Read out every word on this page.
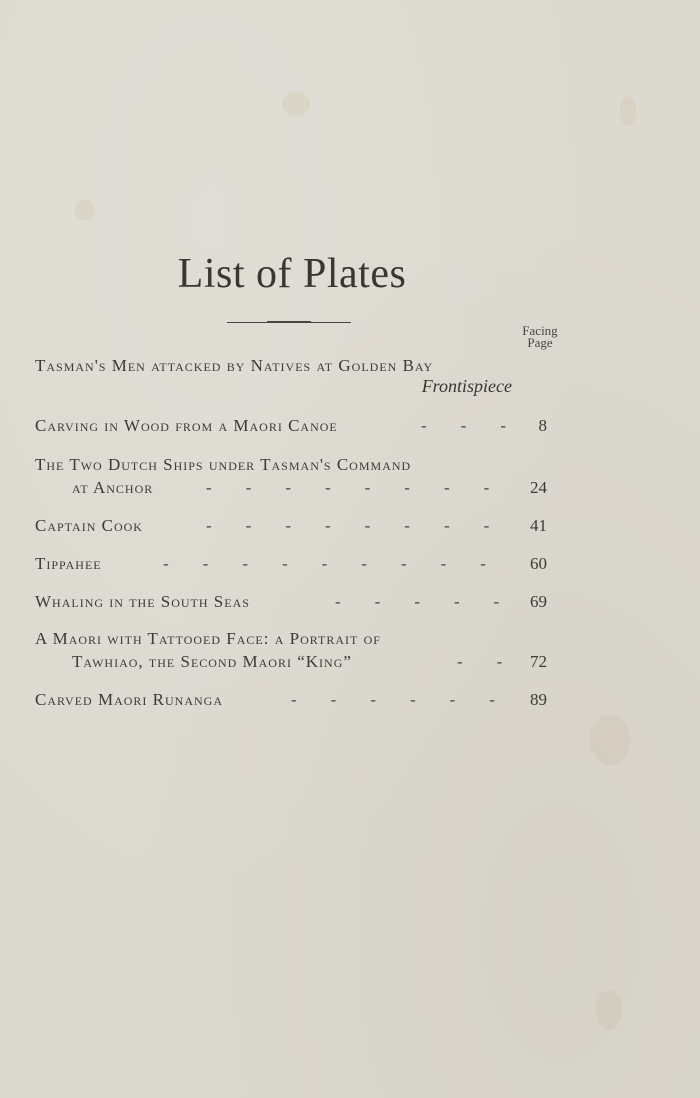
List of Plates
Facing
Page
Tasman's Men attacked by Natives at Golden Bay
Frontispiece
Carving in Wood from a Maori Canoe	-        -        - 8
The Two Dutch Ships under Tasman's Command
at Anchor	-        -        -        -        -        -        -        - 24
Captain Cook	-        -        -        -        -        -        -        - 41
Tippahee	-        -        -        -        -        -        -        -        -	60
Whaling in the South Seas	-        -        -        -        - 69
A Maori with Tattooed Face: a Portrait of
Tawhiao, the Second Maori “King”	-        - 72
Carved Maori Runanga	-        -        -        -        -        - 89
